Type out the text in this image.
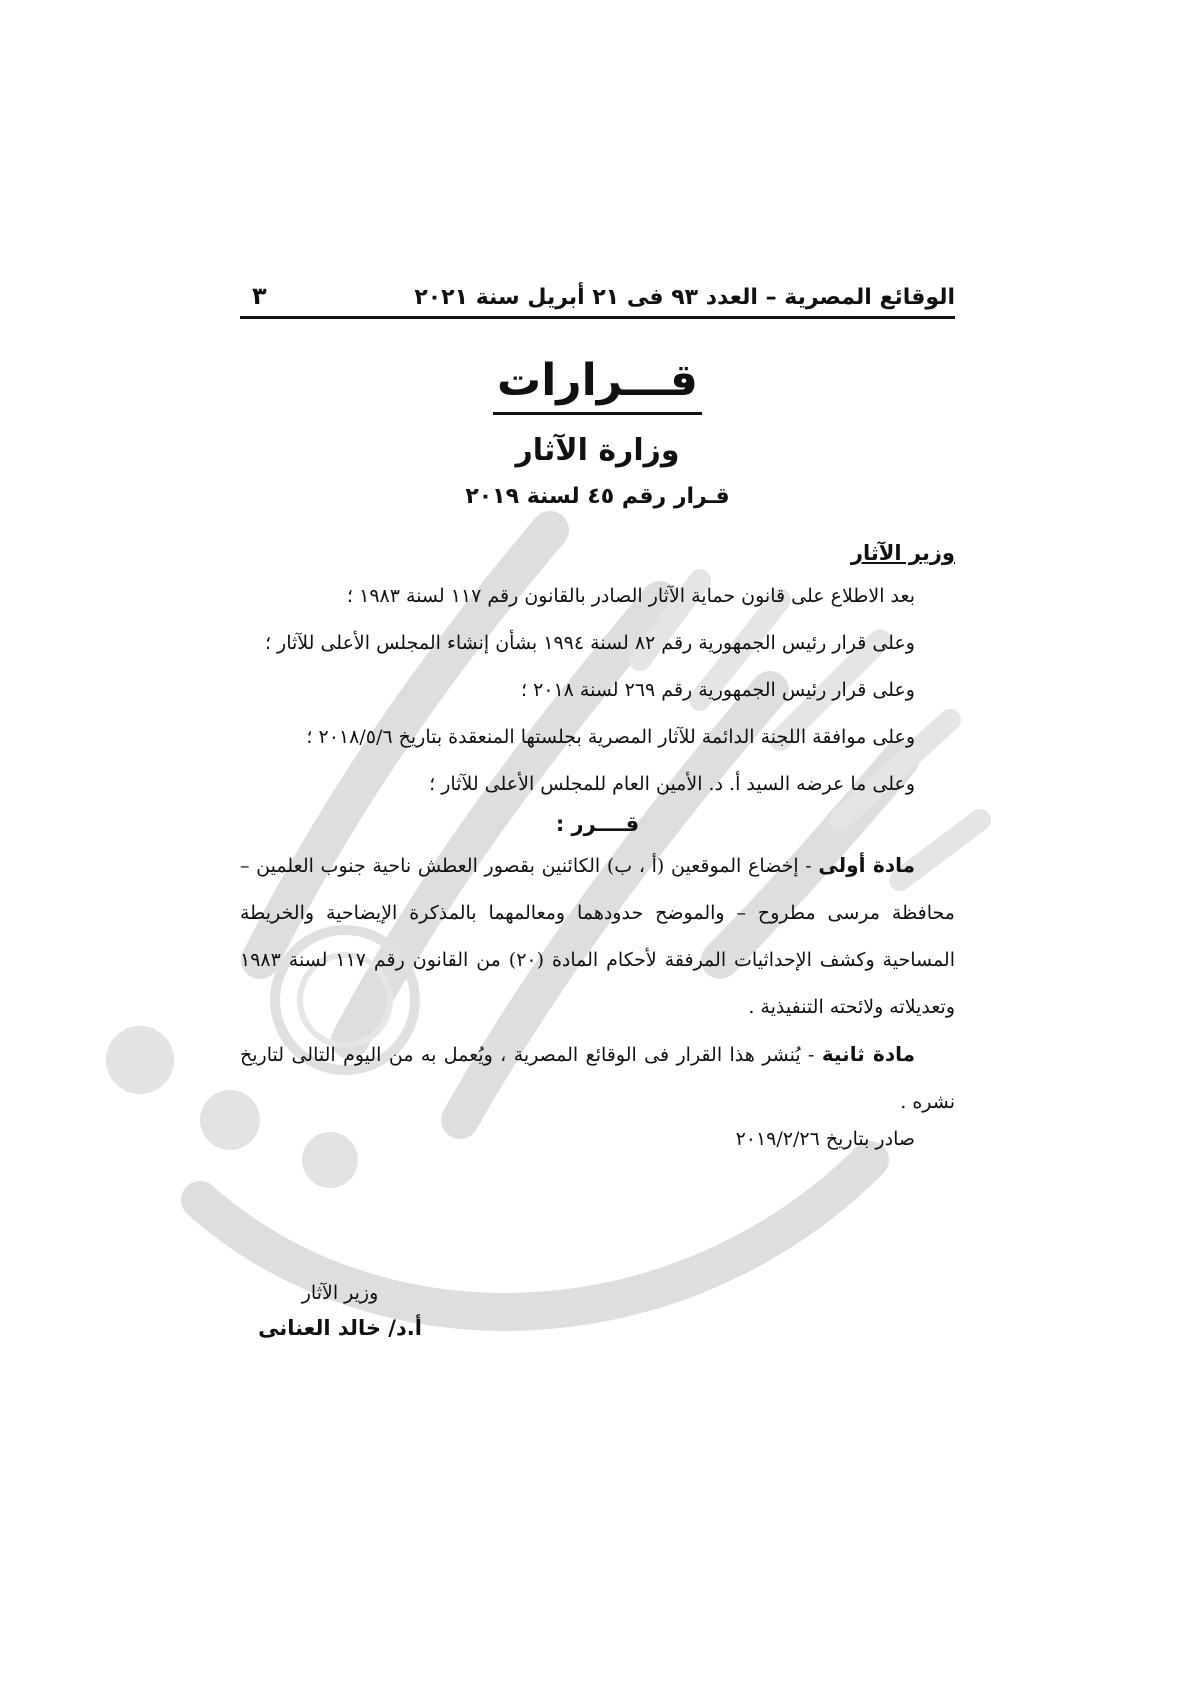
الوقائع المصرية – العدد ٩٣ فى ٢١ أبريل سنة ٢٠٢١
٣
قـــرارات
وزارة الآثار
قـرار رقم ٤٥ لسنة ٢٠١٩
وزير الآثار

بعد الاطلاع على قانون حماية الآثار الصادر بالقانون رقم ١١٧ لسنة ١٩٨٣ ؛

وعلى قرار رئيس الجمهورية رقم ٨٢ لسنة ١٩٩٤ بشأن إنشاء المجلس الأعلى للآثار ؛

وعلى قرار رئيس الجمهورية رقم ٢٦٩ لسنة ٢٠١٨ ؛

وعلى موافقة اللجنة الدائمة للآثار المصرية بجلستها المنعقدة بتاريخ ٢٠١٨/٥/٦ ؛

وعلى ما عرضه السيد أ. د. الأمين العام للمجلس الأعلى للآثار ؛

قــــرر :

مادة أولى - إخضاع الموقعين (أ ، ب) الكائنين بقصور العطش ناحية جنوب العلمين – محافظة مرسى مطروح – والموضح حدودهما ومعالمهما بالمذكرة الإيضاحية والخريطة المساحية وكشف الإحداثيات المرفقة لأحكام المادة (٢٠) من القانون رقم ١١٧ لسنة ١٩٨٣ وتعديلاته ولائحته التنفيذية .

مادة ثانية - يُنشر هذا القرار فى الوقائع المصرية ، ويُعمل به من اليوم التالى لتاريخ نشره .

صادر بتاريخ ٢٠١٩/٢/٢٦
وزير الآثار
أ.د/ خالد العنانى
